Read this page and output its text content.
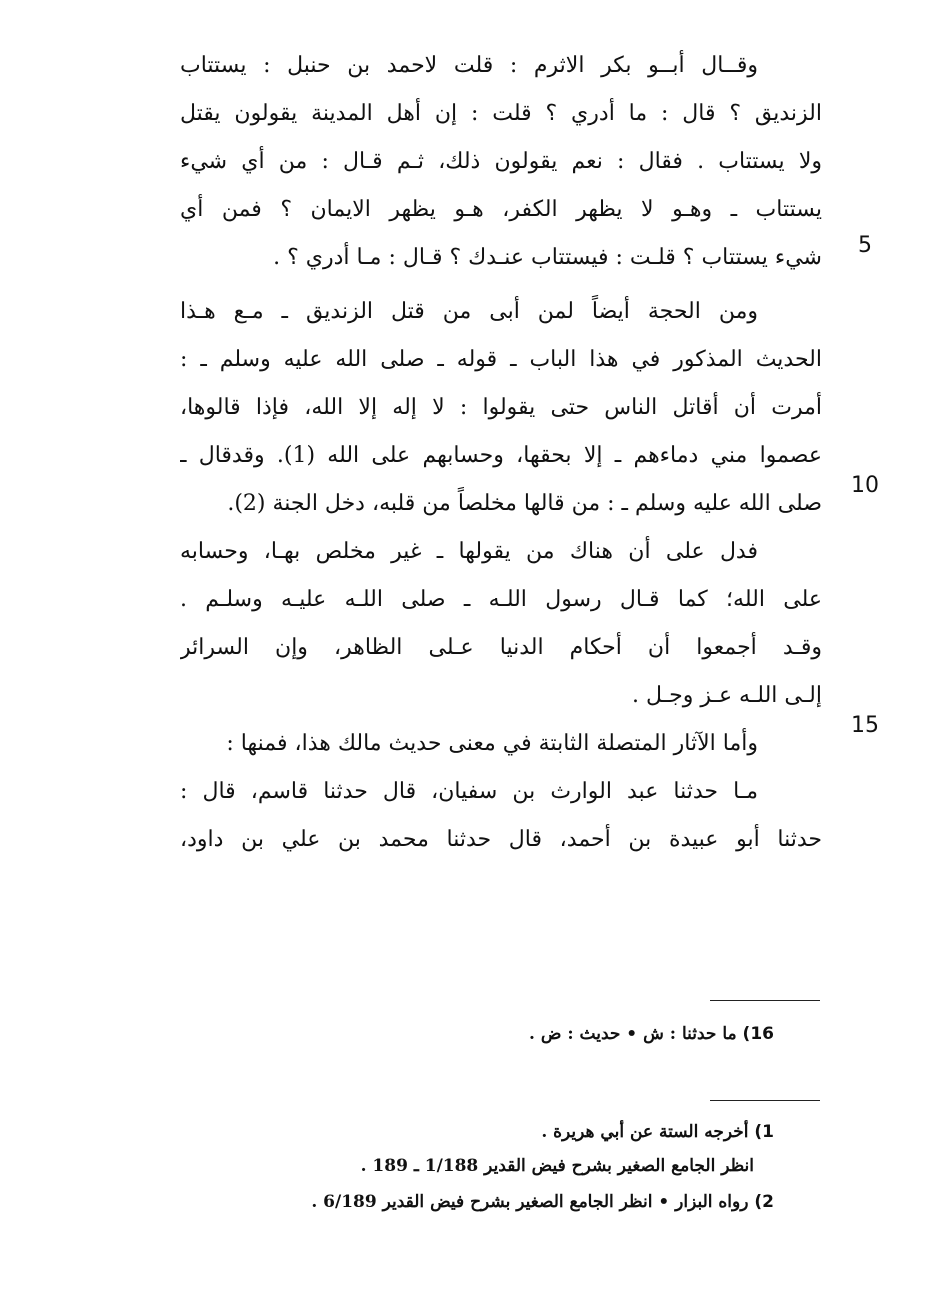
وقــال أبــو بكر الاثرم : قلت لاحمد بن حنبل : يستتاب
الزنديق ؟ قال : ما أدري ؟ قلت : إن أهل المدينة يقولون يقتل
ولا يستتاب . فقال : نعم يقولون ذلك، ثـم قـال : من أي شيء
يستتاب ـ وهـو لا يظهر الكفر، هـو يظهر الايمان ؟ فمن أي
شيء يستتاب ؟ قلـت : فيستتاب عنـدك ؟ قـال : مـا أدري ؟ .
ومن الحجة أيضاً لمن أبى من قتل الزنديق ـ مـع هـذا
الحديث المذكور في هذا الباب ـ قوله ـ صلى الله عليه وسلم ـ :
أمرت أن أقاتل الناس حتى يقولوا : لا إله إلا الله، فإذا قالوها،
عصموا مني دماءهم ـ إلا بحقها، وحسابهم على الله (1). وقدقال ـ
صلى الله عليه وسلم ـ : من قالها مخلصاً من قلبه، دخل الجنة (2).
فدل على أن هناك من يقولها ـ غير مخلص بهـا، وحسابه
على الله؛ كما قـال رسول اللـه ـ صلى اللـه عليـه وسلـم .
وقـد أجمعوا أن أحكام الدنيا عـلى الظاهر، وإن السرائر
إلـى اللـه عـز وجـل .
وأما الآثار المتصلة الثابتة في معنى حديث مالك هذا، فمنها :
مـا حدثنا عبد الوارث بن سفيان، قال حدثنا قاسم، قال :
حدثنا أبو عبيدة بن أحمد، قال حدثنا محمد بن علي بن داود،
5
10
15
16) ما حدثنا : ش • حديث : ض .
1) أخرجه الستة عن أبي هريرة .
انظر الجامع الصغير بشرح فيض القدير 1/188 ـ 189 .
2) رواه البزار • انظر الجامع الصغير بشرح فيض القدير 6/189 .
